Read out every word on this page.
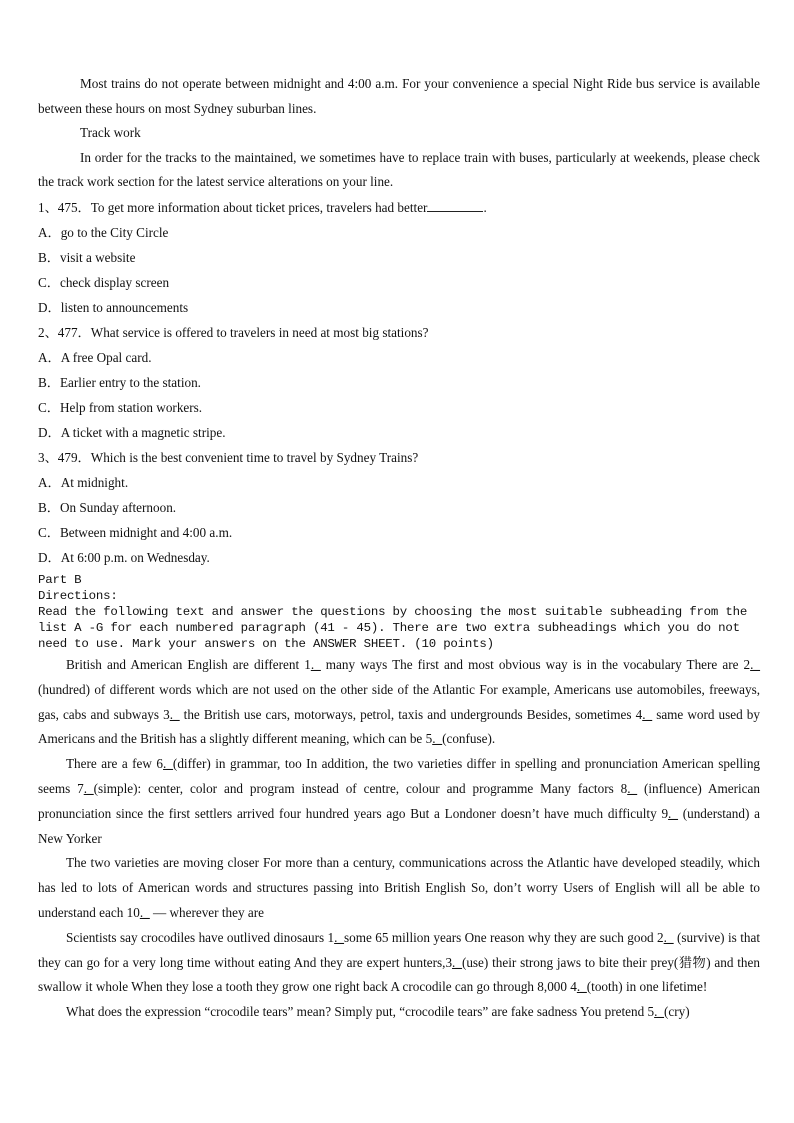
Most trains do not operate between midnight and 4:00 a.m. For your convenience a special Night Ride bus service is available between these hours on most Sydney suburban lines.

Track work

In order for the tracks to the maintained, we sometimes have to replace train with buses, particularly at weekends, please check the track work section for the latest service alterations on your line.

1、475．To get more information about ticket prices, travelers had better	.

A．go to the City Circle

B．visit a website

C．check display screen

D．listen to announcements

2、477．What service is offered to travelers in need at most big stations?

A．A free Opal card.

B．Earlier entry to the station.

C．Help from station workers.

D．A ticket with a magnetic stripe.

3、479．Which is the best convenient time to travel by Sydney Trains?

A．At midnight.

B．On Sunday afternoon.

C．Between midnight and 4:00 a.m.

D．At 6:00 p.m. on Wednesday.

Part B

Directions:

Read the following text and answer the questions by choosing the most suitable subheading from the list A -G for each numbered paragraph (41 - 45). There are two extra subheadings which you do not need to use. Mark your answers on the ANSWER SHEET. (10 points)

British and American English are different 1._ many ways The first and most obvious way is in the vocabulary There are 2._ (hundred) of different words which are not used on the other side of the Atlantic For example, Americans use automobiles, freeways, gas, cabs and subways 3._ the British use cars, motorways, petrol, taxis and undergrounds Besides, sometimes 4._ same word used by Americans and the British has a slightly different meaning, which can be 5._(confuse).

There are a few 6._(differ) in grammar, too In addition, the two varieties differ in spelling and pronunciation American spelling seems 7._(simple): center, color and program instead of centre, colour and programme Many factors 8._ (influence) American pronunciation since the first settlers arrived four hundred years ago But a Londoner doesn’t have much difficulty 9._ (understand) a New Yorker

The two varieties are moving closer For more than a century, communications across the Atlantic have developed steadily, which has led to lots of American words and structures passing into British English So, don’t worry Users of English will all be able to understand each 10._ — wherever they are

Scientists say crocodiles have outlived dinosaurs 1._some 65 million years One reason why they are such good 2._ (survive) is that they can go for a very long time without eating And they are expert hunters,3._(use) their strong jaws to bite their prey(猎物) and then swallow it whole When they lose a tooth they grow one right back A crocodile can go through 8,000 4._(tooth) in one lifetime!

What does the expression “crocodile tears” mean? Simply put, “crocodile tears” are fake sadness You pretend 5._(cry)
